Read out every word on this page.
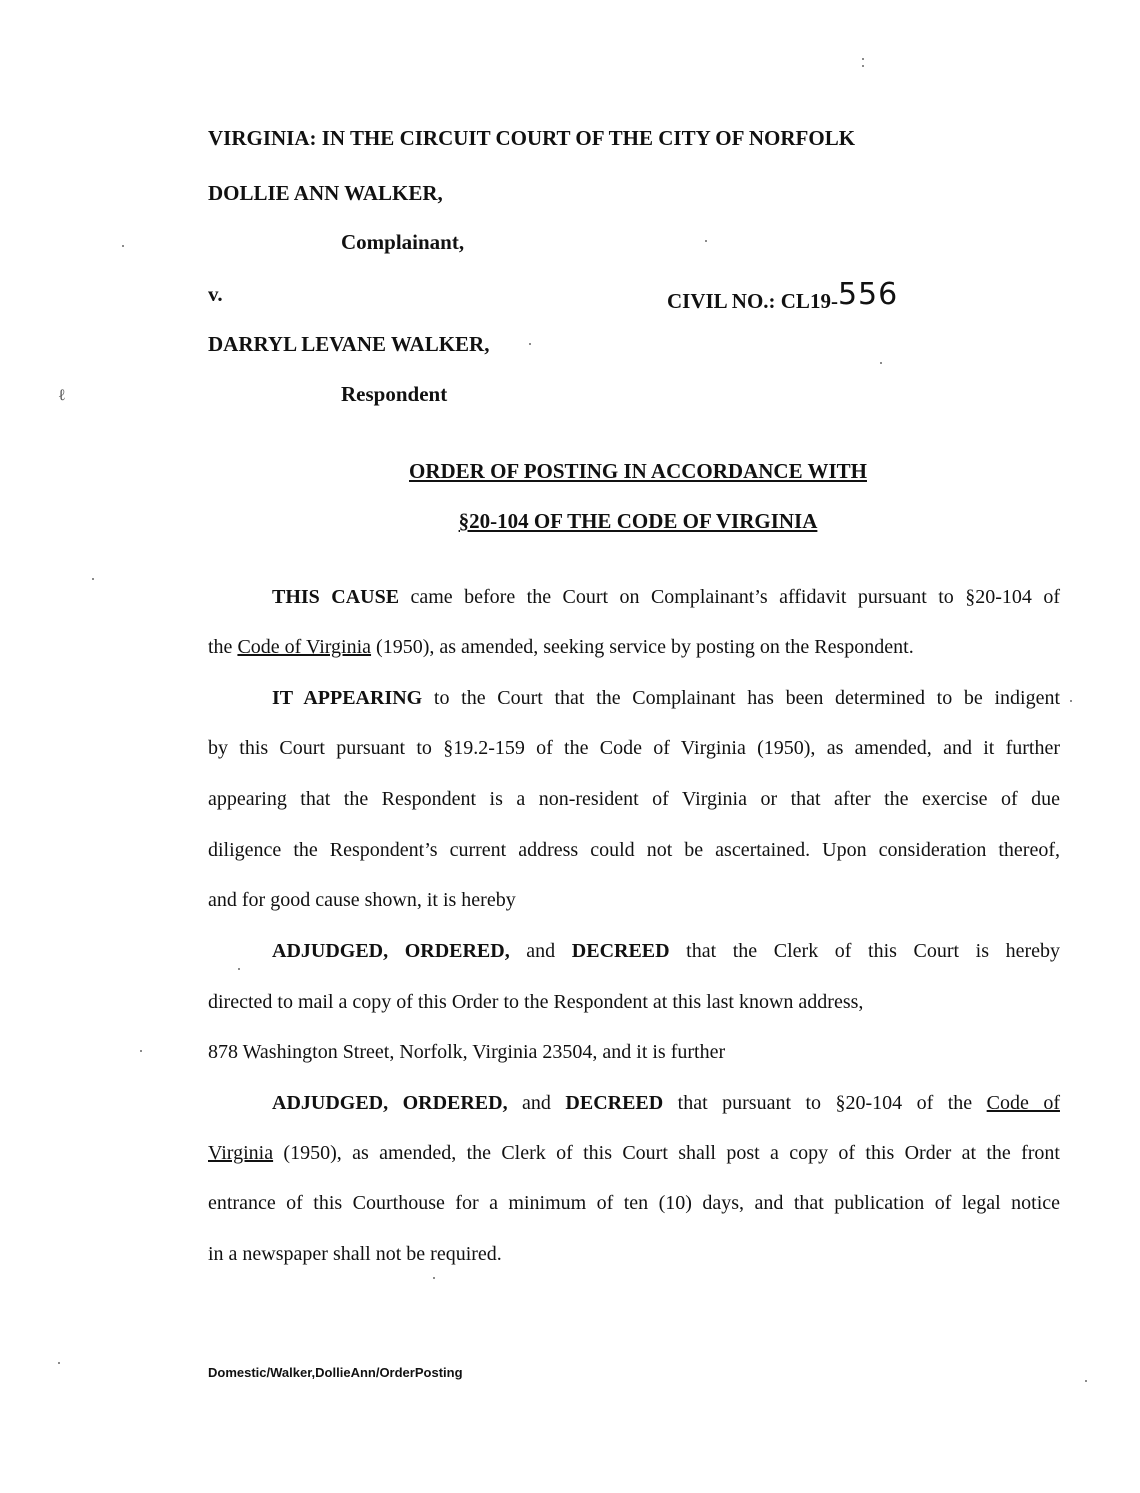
VIRGINIA: IN THE CIRCUIT COURT OF THE CITY OF NORFOLK
DOLLIE ANN WALKER,
Complainant,
v.	CIVIL NO.: CL19-556
DARRYL LEVANE WALKER,
Respondent
ORDER OF POSTING IN ACCORDANCE WITH
§20-104 OF THE CODE OF VIRGINIA
THIS CAUSE came before the Court on Complainant’s affidavit pursuant to §20-104 of
the Code of Virginia (1950), as amended, seeking service by posting on the Respondent.
IT APPEARING to the Court that the Complainant has been determined to be indigent
by this Court pursuant to §19.2-159 of the Code of Virginia (1950), as amended, and it further
appearing that the Respondent is a non-resident of Virginia or that after the exercise of due
diligence the Respondent’s current address could not be ascertained. Upon consideration thereof,
and for good cause shown, it is hereby
ADJUDGED, ORDERED, and DECREED that the Clerk of this Court is hereby
directed to mail a copy of this Order to the Respondent at this last known address,
878 Washington Street, Norfolk, Virginia 23504, and it is further
ADJUDGED, ORDERED, and DECREED that pursuant to §20-104 of the Code of
Virginia (1950), as amended, the Clerk of this Court shall post a copy of this Order at the front
entrance of this Courthouse for a minimum of ten (10) days, and that publication of legal notice
in a newspaper shall not be required.
Domestic/Walker,DollieAnn/OrderPosting
ℓ
